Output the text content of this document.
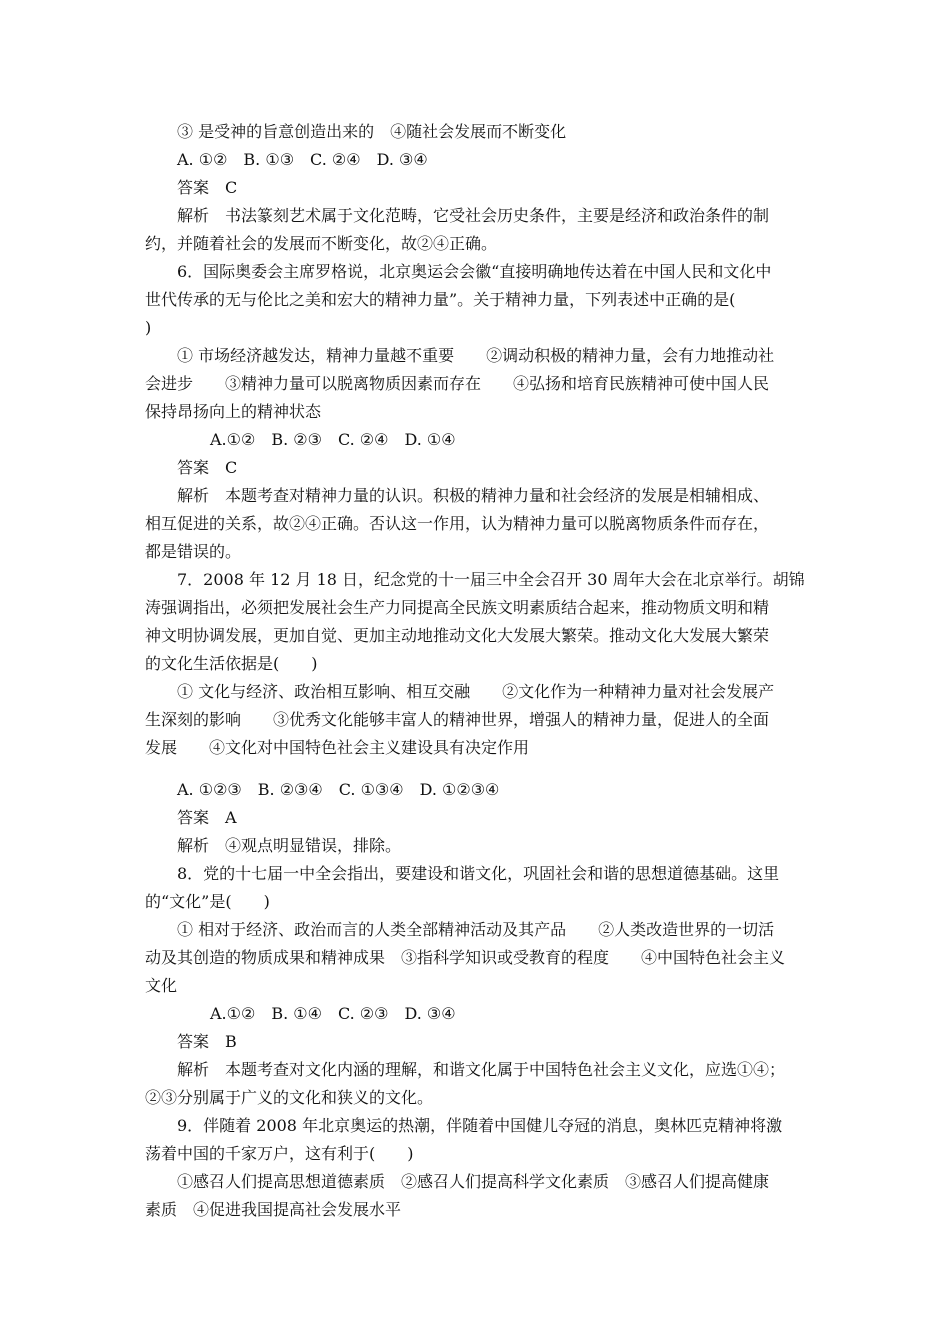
③ 是受神的旨意创造出来的　④随社会发展而不断变化
A. ①②　B. ①③　C. ②④　D. ③④
答案　C
解析　书法篆刻艺术属于文化范畴，它受社会历史条件，主要是经济和政治条件的制
约，并随着社会的发展而不断变化，故②④正确。
6．国际奥委会主席罗格说，北京奥运会会徽“直接明确地传达着在中国人民和文化中
世代传承的无与伦比之美和宏大的精神力量”。关于精神力量，下列表述中正确的是(
)
① 市场经济越发达，精神力量越不重要　　②调动积极的精神力量，会有力地推动社
会进步　　③精神力量可以脱离物质因素而存在　　④弘扬和培育民族精神可使中国人民
保持昂扬向上的精神状态
A.①②　B. ②③　C. ②④　D. ①④
答案　C
解析　本题考查对精神力量的认识。积极的精神力量和社会经济的发展是相辅相成、
相互促进的关系，故②④正确。否认这一作用，认为精神力量可以脱离物质条件而存在，
都是错误的。
7．2008 年 12 月 18 日，纪念党的十一届三中全会召开 30 周年大会在北京举行。胡锦
涛强调指出，必须把发展社会生产力同提高全民族文明素质结合起来，推动物质文明和精
神文明协调发展，更加自觉、更加主动地推动文化大发展大繁荣。推动文化大发展大繁荣
的文化生活依据是(　　)
① 文化与经济、政治相互影响、相互交融　　②文化作为一种精神力量对社会发展产
生深刻的影响　　③优秀文化能够丰富人的精神世界，增强人的精神力量，促进人的全面
发展　　④文化对中国特色社会主义建设具有决定作用
A. ①②③　B. ②③④　C. ①③④　D. ①②③④
答案　A
解析　④观点明显错误，排除。
8．党的十七届一中全会指出，要建设和谐文化，巩固社会和谐的思想道德基础。这里
的“文化”是(　　)
① 相对于经济、政治而言的人类全部精神活动及其产品　　②人类改造世界的一切活
动及其创造的物质成果和精神成果　③指科学知识或受教育的程度　　④中国特色社会主义
文化
A.①②　B. ①④　C. ②③　D. ③④
答案　B
解析　本题考查对文化内涵的理解，和谐文化属于中国特色社会主义文化，应选①④；
②③分别属于广义的文化和狭义的文化。
9．伴随着 2008 年北京奥运的热潮，伴随着中国健儿夺冠的消息，奥林匹克精神将激
荡着中国的千家万户，这有利于(　　)
①感召人们提高思想道德素质　②感召人们提高科学文化素质　③感召人们提高健康
素质　④促进我国提高社会发展水平
